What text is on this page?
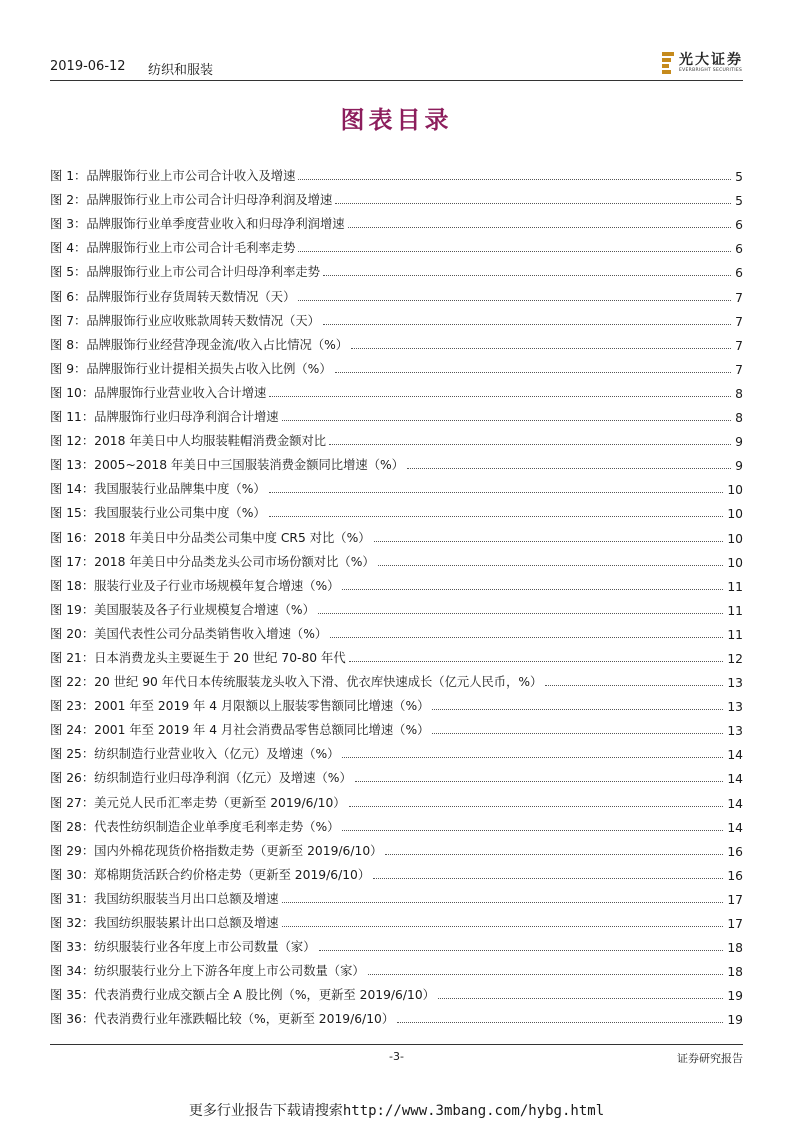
2019-06-12 纺织和服装
光大证券
EVERBRIGHT SECURITIES
图表目录
图 1：品牌服饰行业上市公司合计收入及增速	5
图 2：品牌服饰行业上市公司合计归母净利润及增速	5
图 3：品牌服饰行业单季度营业收入和归母净利润增速	6
图 4：品牌服饰行业上市公司合计毛利率走势	6
图 5：品牌服饰行业上市公司合计归母净利率走势	6
图 6：品牌服饰行业存货周转天数情况（天）	7
图 7：品牌服饰行业应收账款周转天数情况（天）	7
图 8：品牌服饰行业经营净现金流/收入占比情况（%）	7
图 9：品牌服饰行业计提相关损失占收入比例（%）	7
图 10：品牌服饰行业营业收入合计增速	8
图 11：品牌服饰行业归母净利润合计增速	8
图 12：2018 年美日中人均服装鞋帽消费金额对比	9
图 13：2005~2018 年美日中三国服装消费金额同比增速（%）	9
图 14：我国服装行业品牌集中度（%）	10
图 15：我国服装行业公司集中度（%）	10
图 16：2018 年美日中分品类公司集中度 CR5 对比（%）	10
图 17：2018 年美日中分品类龙头公司市场份额对比（%）	10
图 18：服装行业及子行业市场规模年复合增速（%）	11
图 19：美国服装及各子行业规模复合增速（%）	11
图 20：美国代表性公司分品类销售收入增速（%）	11
图 21：日本消费龙头主要诞生于 20 世纪 70-80 年代	12
图 22：20 世纪 90 年代日本传统服装龙头收入下滑、优衣库快速成长（亿元人民币，%）	13
图 23：2001 年至 2019 年 4 月限额以上服装零售额同比增速（%）	13
图 24：2001 年至 2019 年 4 月社会消费品零售总额同比增速（%）	13
图 25：纺织制造行业营业收入（亿元）及增速（%）	14
图 26：纺织制造行业归母净利润（亿元）及增速（%）	14
图 27：美元兑人民币汇率走势（更新至 2019/6/10）	14
图 28：代表性纺织制造企业单季度毛利率走势（%）	14
图 29：国内外棉花现货价格指数走势（更新至 2019/6/10）	16
图 30：郑棉期货活跃合约价格走势（更新至 2019/6/10）	16
图 31：我国纺织服装当月出口总额及增速	17
图 32：我国纺织服装累计出口总额及增速	17
图 33：纺织服装行业各年度上市公司数量（家）	18
图 34：纺织服装行业分上下游各年度上市公司数量（家）	18
图 35：代表消费行业成交额占全 A 股比例（%，更新至 2019/6/10）	19
图 36：代表消费行业年涨跌幅比较（%，更新至 2019/6/10）	19
-3-	证券研究报告
更多行业报告下载请搜索http://www.3mbang.com/hybg.html
